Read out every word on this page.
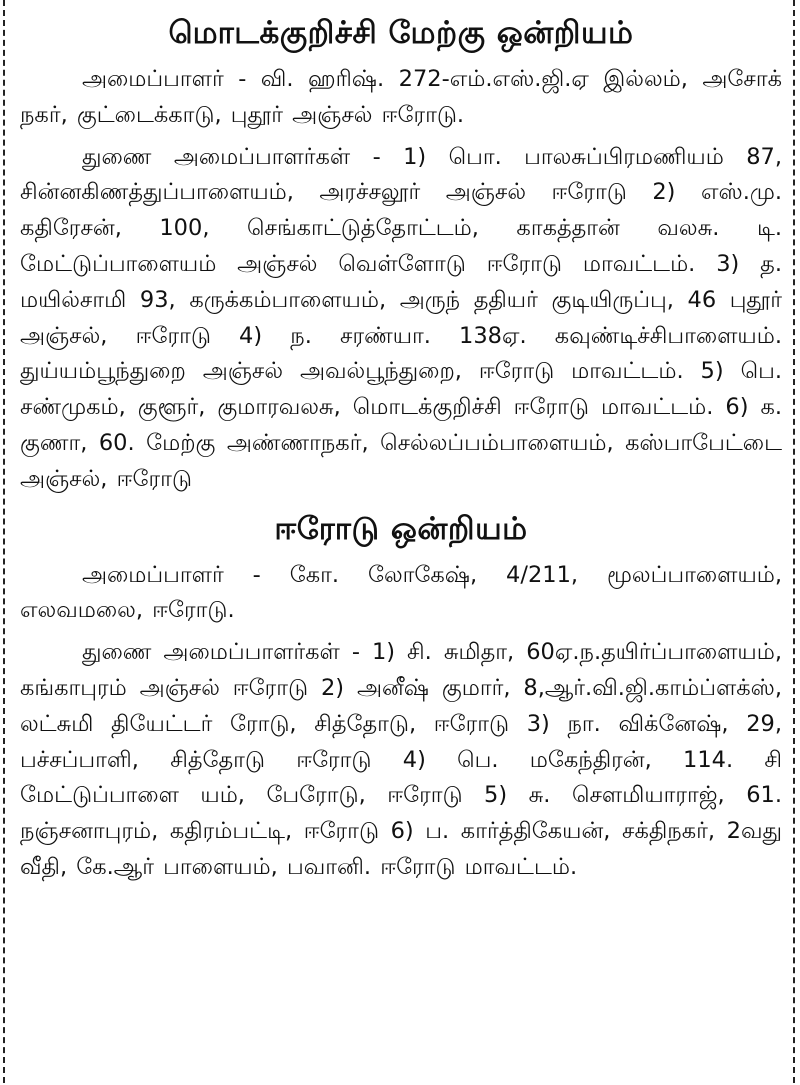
மொடக்குறிச்சி மேற்கு ஒன்றியம்

அமைப்பாளர் - வி. ஹரிஷ். 272-எம்.எஸ்.ஜி.ஏ இல்லம், அசோக் நகர், குட்டைக்காடு, புதூர் அஞ்சல் ஈரோடு.

துணை அமைப்பாளர்கள் - 1) பொ. பாலசுப்பிரமணியம் 87, சின்னகிணத்துப்பாளையம், அரச்சலூர் அஞ்சல் ஈரோடு 2) எஸ்.மு. கதிரேசன், 100, செங்காட்டுத்தோட்டம், காகத்தான் வலசு. டி. மேட்டுப்பாளையம் அஞ்சல் வெள்ளோடு ஈரோடு மாவட்டம். 3) த. மயில்சாமி 93, கருக்கம்பாளையம், அருந் ததியர் குடியிருப்பு, 46 புதூர் அஞ்சல், ஈரோடு 4) ந. சரண்யா. 138ஏ. கவுண்டிச்சிபாளையம். துய்யம்பூந்துறை அஞ்சல் அவல்பூந்துறை, ஈரோடு மாவட்டம். 5) பெ. சண்முகம், குளூர், குமாரவலசு, மொடக்குறிச்சி ஈரோடு மாவட்டம். 6) க. குணா, 60. மேற்கு அண்ணாநகர், செல்லப்பம்பாளையம், கஸ்பாபேட்டை அஞ்சல், ஈரோடு

ஈரோடு ஒன்றியம்

அமைப்பாளர் - கோ. லோகேஷ், 4/211, மூலப்பாளையம், எலவமலை, ஈரோடு.

துணை அமைப்பாளர்கள் - 1) சி. சுமிதா, 60ஏ.ந.தயிர்ப்பாளையம், கங்காபுரம் அஞ்சல் ஈரோடு 2) அனீஷ் குமார், 8,ஆர்.வி.ஜி.காம்ப்ளக்ஸ், லட்சுமி தியேட்டர் ரோடு, சித்தோடு, ஈரோடு 3) நா. விக்னேஷ், 29, பச்சப்பாளி, சித்தோடு ஈரோடு 4) பெ. மகேந்திரன், 114. சி மேட்டுப்பாளை யம், பேரோடு, ஈரோடு 5) சு. சௌமியாராஜ், 61. நஞ்சனாபுரம், கதிரம்பட்டி, ஈரோடு 6) ப. கார்த்திகேயன், சக்திநகர், 2வது வீதி, கே.ஆர் பாளையம், பவானி. ஈரோடு மாவட்டம்.
